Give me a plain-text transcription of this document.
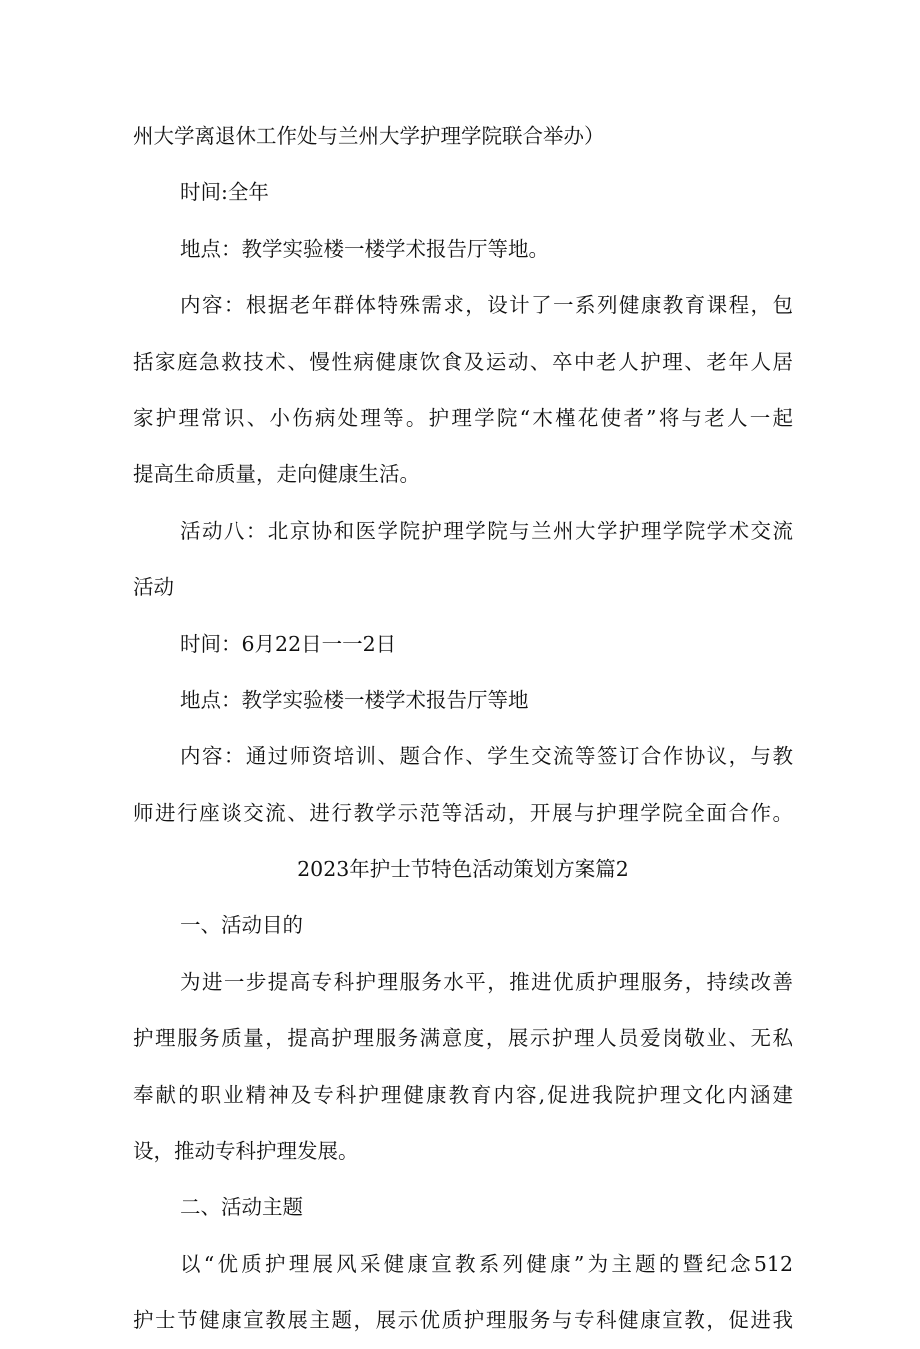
州大学离退休工作处与兰州大学护理学院联合举办）
时间:全年
地点：教学实验楼一楼学术报告厅等地。
内容：根据老年群体特殊需求，设计了一系列健康教育课程，包
括家庭急救技术、慢性病健康饮食及运动、卒中老人护理、老年人居
家护理常识、小伤病处理等。护理学院“木槿花使者”将与老人一起
提高生命质量，走向健康生活。
活动八：北京协和医学院护理学院与兰州大学护理学院学术交流
活动
时间：6月22日一一2日
地点：教学实验楼一楼学术报告厅等地
内容：通过师资培训、题合作、学生交流等签订合作协议，与教
师进行座谈交流、进行教学示范等活动，开展与护理学院全面合作。
2023年护士节特色活动策划方案篇2
一、活动目的
为进一步提高专科护理服务水平，推进优质护理服务，持续改善
护理服务质量，提高护理服务满意度，展示护理人员爱岗敬业、无私
奉献的职业精神及专科护理健康教育内容,促进我院护理文化内涵建
设，推动专科护理发展。
二、活动主题
以“优质护理展风采健康宣教系列健康”为主题的暨纪念512
护士节健康宣教展主题，展示优质护理服务与专科健康宣教，促进我
